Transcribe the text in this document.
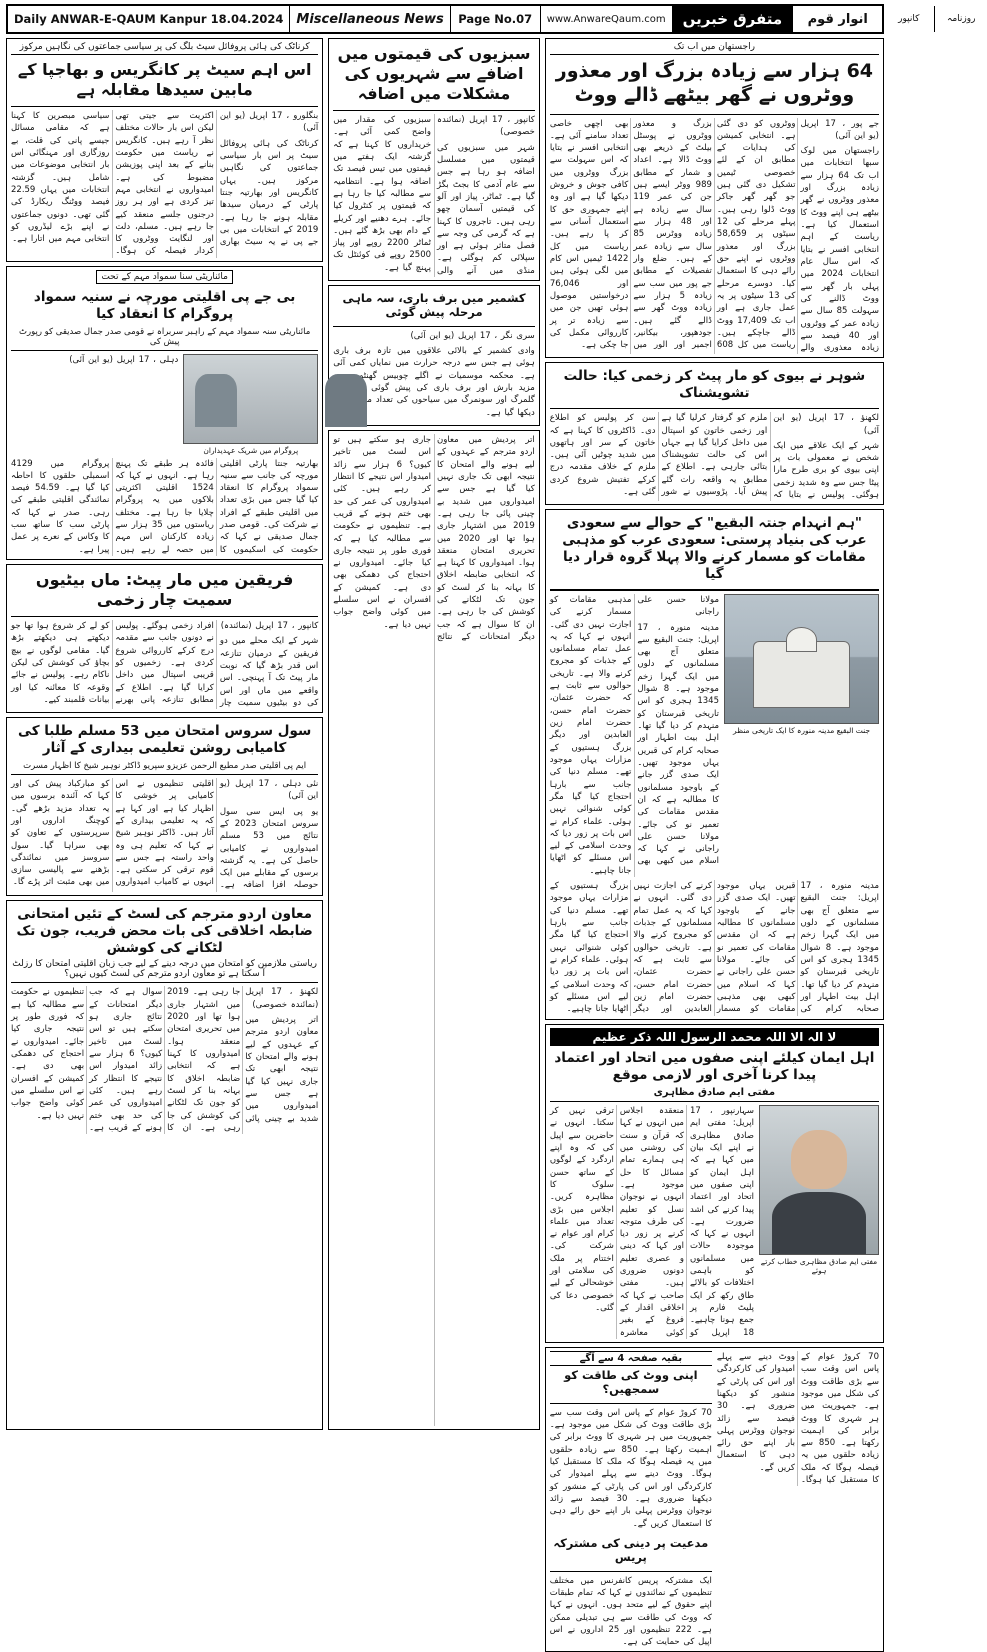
Daily ANWAR-E-QAUM Kanpur
18.04.2024	Miscellaneous News	Page No.07	www.AnwareQaum.com	متفرق خبریں	انوار قوم	کانپور	روزنامہ
راجستھان میں اب تک
64 ہزار سے زیادہ بزرگ اور معذور ووٹروں نے گھر بیٹھے ڈالے ووٹ

جے پور ، 17 اپریل (یو این آئی)

راجستھان میں لوک سبھا انتخابات میں اب تک 64 ہزار سے زیادہ بزرگ اور معذور ووٹروں نے گھر بیٹھے ہی اپنے ووٹ کا استعمال کیا ہے۔ ریاست کے اہم انتخابی افسر نے بتایا کہ اس سال عام انتخابات 2024 میں پہلی بار گھر سے ووٹ ڈالنے کی سہولت 85 سال سے زیادہ عمر کے ووٹروں اور 40 فیصد سے زیادہ معذوری والے ووٹروں کو دی گئی ہے۔ انتخابی کمیشن کی ہدایات کے مطابق ان کے لئے خصوصی ٹیمیں تشکیل دی گئی ہیں جو گھر گھر جاکر ووٹ ڈلوا رہی ہیں۔ پہلے مرحلے کی 12 سیٹوں پر 58,659 بزرگ اور معذور ووٹروں نے اپنے حق رائے دہی کا استعمال کیا۔ دوسرے مرحلے کی 13 سیٹوں پر یہ عمل جاری ہے اور اب تک 17,409 ووٹ ڈالے جاچکے ہیں۔ ریاست میں کل 608 بزرگ و معذور ووٹروں نے پوسٹل بیلٹ کے ذریعے بھی ووٹ ڈالا ہے۔ اعداد و شمار کے مطابق 989 ووٹر ایسے ہیں جن کی عمر 119 سال سے زیادہ ہے اور 48 ہزار سے زیادہ ووٹرس 85 سال سے زیادہ عمر کے ہیں۔ ضلع وار تفصیلات کے مطابق جے پور میں سب سے زیادہ 5 ہزار سے زیادہ ووٹ گھر سے ڈالے گئے ہیں۔ جودھپور، بیکانیر، اجمیر اور الور میں بھی اچھی خاصی تعداد سامنے آئی ہے۔ انتخابی افسر نے بتایا کہ اس سہولت سے بزرگ ووٹروں میں کافی جوش و خروش دیکھا گیا ہے اور وہ اپنے جمہوری حق کا استعمال آسانی سے کر پا رہے ہیں۔ ریاست میں کل 1422 ٹیمیں اس کام میں لگی ہوئی ہیں اور 76,046 درخواستیں موصول ہوئی تھیں جن میں سے زیادہ تر پر کارروائی مکمل کی جا چکی ہے۔

شوہر نے بیوی کو مار پیٹ کر زخمی کیا: حالت تشویشناک

لکھنؤ ، 17 اپریل (یو این آئی)

شہر کے ایک علاقے میں ایک شخص نے معمولی بات پر اپنی بیوی کو بری طرح مارا پیٹا جس سے وہ شدید زخمی ہوگئی۔ پولیس نے بتایا کہ ملزم کو گرفتار کرلیا گیا ہے اور زخمی خاتون کو اسپتال میں داخل کرایا گیا ہے جہاں اس کی حالت تشویشناک بتائی جارہی ہے۔ اطلاع کے مطابق یہ واقعہ رات گئے پیش آیا۔ پڑوسیوں نے شور سن کر پولیس کو اطلاع دی۔ ڈاکٹروں کا کہنا ہے کہ خاتون کے سر اور ہاتھوں میں شدید چوٹیں آئی ہیں۔ ملزم کے خلاف مقدمہ درج کرکے تفتیش شروع کردی گئی ہے۔

"ہم انہدام جنتہ البقیع" کے حوالے سے سعودی عرب کی بنیاد پرستی: سعودی عرب کو مذہبی مقامات کو مسمار کرنے والا پہلا گروہ قرار دیا گیا
جنت البقیع مدینہ منورہ کا ایک تاریخی منظر

مولانا حسن علی راجانی

مدینہ منورہ ، 17 اپریل: جنت البقیع سے متعلق آج بھی مسلمانوں کے دلوں میں ایک گہرا زخم موجود ہے۔ 8 شوال 1345 ہجری کو اس تاریخی قبرستان کو منہدم کر دیا گیا تھا۔ اہل بیت اطہار اور صحابہ کرام کی قبریں یہاں موجود تھیں۔ ایک صدی گزر جانے کے باوجود مسلمانوں کا مطالبہ ہے کہ ان مقدس مقامات کی تعمیر نو کی جائے۔ مولانا حسن علی راجانی نے کہا کہ اسلام میں کبھی بھی مذہبی مقامات کو مسمار کرنے کی اجازت نہیں دی گئی۔ انہوں نے کہا کہ یہ عمل تمام مسلمانوں کے جذبات کو مجروح کرنے والا ہے۔ تاریخی حوالوں سے ثابت ہے کہ حضرت عثمان، حضرت امام حسن، حضرت امام زین العابدین اور دیگر بزرگ ہستیوں کے مزارات یہاں موجود تھے۔ مسلم دنیا کی جانب سے بارہا احتجاج کیا گیا مگر کوئی شنوائی نہیں ہوئی۔ علماء کرام نے اس بات پر زور دیا کہ وحدت اسلامی کے لیے اس مسئلے کو اٹھایا جانا چاہیے۔

مدینہ منورہ ، 17 اپریل: جنت البقیع سے متعلق آج بھی مسلمانوں کے دلوں میں ایک گہرا زخم موجود ہے۔ 8 شوال 1345 ہجری کو اس تاریخی قبرستان کو منہدم کر دیا گیا تھا۔ اہل بیت اطہار اور صحابہ کرام کی قبریں یہاں موجود تھیں۔ ایک صدی گزر جانے کے باوجود مسلمانوں کا مطالبہ ہے کہ ان مقدس مقامات کی تعمیر نو کی جائے۔ مولانا حسن علی راجانی نے کہا کہ اسلام میں کبھی بھی مذہبی مقامات کو مسمار کرنے کی اجازت نہیں دی گئی۔ انہوں نے کہا کہ یہ عمل تمام مسلمانوں کے جذبات کو مجروح کرنے والا ہے۔ تاریخی حوالوں سے ثابت ہے کہ حضرت عثمان، حضرت امام حسن، حضرت امام زین العابدین اور دیگر بزرگ ہستیوں کے مزارات یہاں موجود تھے۔ مسلم دنیا کی جانب سے بارہا احتجاج کیا گیا مگر کوئی شنوائی نہیں ہوئی۔ علماء کرام نے اس بات پر زور دیا کہ وحدت اسلامی کے لیے اس مسئلے کو اٹھایا جانا چاہیے۔

لا الہ الا اللہ محمد الرسول اللہ ذکر عظیم
اہل ایمان کیلئے اپنی صفوں میں اتحاد اور اعتماد پیدا کرنا آخری اور لازمی موقع
مفتی ایم صادق مظاہری
مفتی ایم صادق مظاہری خطاب کرتے ہوئے

سہارنپور ، 17 اپریل: مفتی ایم صادق مظاہری نے اپنے ایک بیان میں کہا ہے کہ اہل ایمان کو اپنی صفوں میں اتحاد اور اعتماد پیدا کرنے کی اشد ضرورت ہے۔ انہوں نے کہا کہ موجودہ حالات میں مسلمانوں کو باہمی اختلافات کو بالائے طاق رکھ کر ایک پلیٹ فارم پر جمع ہونا چاہیے۔ 18 اپریل کو منعقدہ اجلاس میں انہوں نے کہا کہ قرآن و سنت کی روشنی میں ہی ہمارے تمام مسائل کا حل موجود ہے۔ انہوں نے نوجوان نسل کو تعلیم کی طرف متوجہ کرنے پر زور دیا اور کہا کہ دینی و عصری تعلیم دونوں ضروری ہیں۔ مفتی صاحب نے کہا کہ اخلاقی اقدار کے فروغ کے بغیر کوئی معاشرہ ترقی نہیں کر سکتا۔ انہوں نے حاضرین سے اپیل کی کہ وہ اپنے اردگرد کے لوگوں کے ساتھ حسن سلوک کا مظاہرہ کریں۔ اجلاس میں بڑی تعداد میں علماء کرام اور عوام نے شرکت کی۔ اختتام پر ملک کی سلامتی اور خوشحالی کے لیے خصوصی دعا کی گئی۔

70 کروڑ عوام کے پاس اس وقت سب سے بڑی طاقت ووٹ کی شکل میں موجود ہے۔ جمہوریت میں ہر شہری کا ووٹ برابر کی اہمیت رکھتا ہے۔ 850 سے زیادہ حلقوں میں یہ فیصلہ ہوگا کہ ملک کا مستقبل کیا ہوگا۔ ووٹ دینے سے پہلے امیدوار کی کارکردگی اور اس کی پارٹی کے منشور کو دیکھنا ضروری ہے۔ 30 فیصد سے زائد نوجوان ووٹرس پہلی بار اپنے حق رائے دہی کا استعمال کریں گے۔
بقیہ صفحہ 4 سے آگے
اپنی ووٹ کی طاقت کو سمجھیں؟
70 کروڑ عوام کے پاس اس وقت سب سے بڑی طاقت ووٹ کی شکل میں موجود ہے۔ جمہوریت میں ہر شہری کا ووٹ برابر کی اہمیت رکھتا ہے۔ 850 سے زیادہ حلقوں میں یہ فیصلہ ہوگا کہ ملک کا مستقبل کیا ہوگا۔ ووٹ دینے سے پہلے امیدوار کی کارکردگی اور اس کی پارٹی کے منشور کو دیکھنا ضروری ہے۔ 30 فیصد سے زائد نوجوان ووٹرس پہلی بار اپنے حق رائے دہی کا استعمال کریں گے۔
مدعیت پر دینی کی مشترکہ پریس
ایک مشترکہ پریس کانفرنس میں مختلف تنظیموں کے نمائندوں نے کہا کہ تمام طبقات اپنے حقوق کے لیے متحد ہوں۔ انہوں نے کہا کہ ووٹ کی طاقت سے ہی تبدیلی ممکن ہے۔ 222 تنظیموں اور 25 اداروں نے اس اپیل کی حمایت کی ہے۔
سبزیوں کی قیمتوں میں اضافے سے شہریوں کی مشکلات میں اضافہ

کانپور ، 17 اپریل (نمائندہ خصوصی)

شہر میں سبزیوں کی قیمتوں میں مسلسل اضافہ ہو رہا ہے جس سے عام آدمی کا بجٹ بگڑ گیا ہے۔ ٹماٹر، پیاز اور آلو کی قیمتیں آسمان چھو رہی ہیں۔ تاجروں کا کہنا ہے کہ گرمی کی وجہ سے فصل متاثر ہوئی ہے اور سپلائی کم ہوگئی ہے۔ منڈی میں آنے والی سبزیوں کی مقدار میں واضح کمی آئی ہے۔ خریداروں کا کہنا ہے کہ گزشتہ ایک ہفتے میں قیمتوں میں تیس فیصد تک اضافہ ہوا ہے۔ انتظامیہ سے مطالبہ کیا جا رہا ہے کہ قیمتوں پر کنٹرول کیا جائے۔ ہرے دھنیے اور کریلے کے دام بھی بڑھ گئے ہیں۔ ٹماٹر 2200 روپے اور پیاز 2500 روپے فی کوئنٹل تک پہنچ گیا ہے۔

کشمیر میں برف باری، سہ ماہی مرحلہ پیش گوئی

سری نگر ، 17 اپریل (یو این آئی)

وادی کشمیر کے بالائی علاقوں میں تازہ برف باری ہوئی ہے جس سے درجہ حرارت میں نمایاں کمی آئی ہے۔ محکمہ موسمیات نے اگلے چوبیس گھنٹوں میں مزید بارش اور برف باری کی پیش گوئی کی ہے۔ گلمرگ اور سونمرگ میں سیاحوں کی تعداد میں اضافہ دیکھا گیا ہے۔

اتر پردیش میں معاون اردو مترجم کے عہدوں کے لیے ہونے والے امتحان کا نتیجہ ابھی تک جاری نہیں کیا گیا ہے جس سے امیدواروں میں شدید بے چینی پائی جا رہی ہے۔ 2019 میں اشتہار جاری ہوا تھا اور 2020 میں تحریری امتحان منعقد ہوا۔ امیدواروں کا کہنا ہے کہ انتخابی ضابطہ اخلاق کا بہانہ بنا کر لسٹ کو جون تک لٹکانے کی کوشش کی جا رہی ہے۔ ان کا سوال ہے کہ جب دیگر امتحانات کے نتائج جاری ہو سکتے ہیں تو اس لسٹ میں تاخیر کیوں؟ 6 ہزار سے زائد امیدوار اس نتیجے کا انتظار کر رہے ہیں۔ کئی امیدواروں کی عمر کی حد بھی ختم ہونے کے قریب ہے۔ تنظیموں نے حکومت سے مطالبہ کیا ہے کہ فوری طور پر نتیجہ جاری کیا جائے۔ امیدواروں نے احتجاج کی دھمکی بھی دی ہے۔ کمیشن کے افسران نے اس سلسلے میں کوئی واضح جواب نہیں دیا ہے۔
کرناٹک کی ہائی پروفائل سیٹ بلگ کی پر سیاسی جماعتوں کی نگاہیں مرکوز
اس اہم سیٹ پر کانگریس و بھاجپا کے مابین سیدھا مقابلہ ہے

بنگلورو ، 17 اپریل (یو این آئی)

کرناٹک کی ہائی پروفائل سیٹ پر اس بار سیاسی جماعتوں کی نگاہیں مرکوز ہیں۔ یہاں کانگریس اور بھارتیہ جنتا پارٹی کے درمیان سیدھا مقابلہ ہونے جا رہا ہے۔ 2019 کے انتخابات میں بی جے پی نے یہ سیٹ بھاری اکثریت سے جیتی تھی لیکن اس بار حالات مختلف نظر آ رہے ہیں۔ کانگریس نے ریاست میں حکومت بنانے کے بعد اپنی پوزیشن مضبوط کی ہے۔ امیدواروں نے انتخابی مہم تیز کردی ہے اور ہر روز درجنوں جلسے منعقد کیے جا رہے ہیں۔ مسلم، دلت اور لنگایت ووٹروں کا کردار فیصلہ کن ہوگا۔ سیاسی مبصرین کا کہنا ہے کہ مقامی مسائل جیسے پانی کی قلت، بے روزگاری اور مہنگائی اس بار انتخابی موضوعات میں شامل ہیں۔ گزشتہ انتخابات میں یہاں 22.59 فیصد ووٹنگ ریکارڈ کی گئی تھی۔ دونوں جماعتوں نے اپنے بڑے لیڈروں کو انتخابی مہم میں اتارا ہے۔

مائناریٹی سنا سمواد مہم کے تحت
بی جے پی اقلیتی مورچہ نے سنیہ سمواد پروگرام کا انعقاد کیا
مائناریٹی سنہ سمواد مہم کے راہبر سربراہ نے قومی صدر جمال صدیقی کو رپورٹ پیش کی
پروگرام میں شریک عہدیداران

دہلی ، 17 اپریل (یو این آئی)

بھارتیہ جنتا پارٹی اقلیتی مورچہ کی جانب سے سنیہ سمواد پروگرام کا انعقاد کیا گیا جس میں بڑی تعداد میں اقلیتی طبقے کے افراد نے شرکت کی۔ قومی صدر جمال صدیقی نے کہا کہ حکومت کی اسکیموں کا فائدہ ہر طبقے تک پہنچ رہا ہے۔ انہوں نے کہا کہ 1524 اقلیتی اکثریتی بلاکوں میں یہ پروگرام چلایا جا رہا ہے۔ مختلف ریاستوں میں 35 ہزار سے زیادہ کارکنان اس مہم میں حصہ لے رہے ہیں۔ پروگرام میں 4129 اسمبلی حلقوں کا احاطہ کیا گیا ہے۔ 54.59 فیصد نمائندگی اقلیتی طبقے کی رہی۔ صدر نے کہا کہ پارٹی سب کا ساتھ سب کا وکاس کے نعرے پر عمل پیرا ہے۔
فریقین میں مار پیٹ: ماں بیٹیوں سمیت چار زخمی

کانپور ، 17 اپریل (نمائندہ)

شہر کے ایک محلے میں دو فریقین کے درمیان تنازعہ اس قدر بڑھ گیا کہ نوبت مار پیٹ تک آ پہنچی۔ اس واقعے میں ماں اور اس کی دو بیٹیوں سمیت چار افراد زخمی ہوگئے۔ پولیس نے دونوں جانب سے مقدمہ درج کرکے کارروائی شروع کردی ہے۔ زخمیوں کو قریبی اسپتال میں داخل کرایا گیا ہے۔ اطلاع کے مطابق تنازعہ پانی بھرنے کو لے کر شروع ہوا تھا جو دیکھتے ہی دیکھتے بڑھ گیا۔ مقامی لوگوں نے بیچ بچاؤ کی کوشش کی لیکن ناکام رہے۔ پولیس نے جائے وقوعہ کا معائنہ کیا اور بیانات قلمبند کیے۔

سول سروس امتحان میں 53 مسلم طلبا کی کامیابی روشن تعلیمی بیداری کے آثار
ایم پی اقلیتی صدر مطیع الرحمن عزیزو سپریو ڈاکٹر نوہیر شیخ کا اظہار مسرت

نئی دہلی ، 17 اپریل (یو این آئی)

یو پی ایس سی سول سروس امتحان 2023 کے نتائج میں 53 مسلم امیدواروں نے کامیابی حاصل کی ہے۔ یہ گزشتہ برسوں کے مقابلے میں ایک حوصلہ افزا اضافہ ہے۔ اقلیتی تنظیموں نے اس کامیابی پر خوشی کا اظہار کیا ہے اور کہا ہے کہ یہ تعلیمی بیداری کے آثار ہیں۔ ڈاکٹر نوہیر شیخ نے کہا کہ تعلیم ہی وہ واحد راستہ ہے جس سے قوم ترقی کر سکتی ہے۔ انہوں نے کامیاب امیدواروں کو مبارکباد پیش کی اور کہا کہ آئندہ برسوں میں یہ تعداد مزید بڑھے گی۔ کوچنگ اداروں اور سرپرستوں کے تعاون کو بھی سراہا گیا۔ سول سروسز میں نمائندگی بڑھنے سے پالیسی سازی میں بھی مثبت اثر پڑے گا۔

معاون اردو مترجم کی لسٹ کے تئیں امتحانی ضابطہ اخلاقی کی بات محض فریب، جون تک لٹکانے کی کوشش
ریاستی ملازمین کو امتحان میں درجہ دینے کے لیے جب زبان اقلیتی امتحان کا رزلٹ آ سکتا ہے تو معاون اردو مترجم کی لسٹ کیوں نہیں؟

لکھنؤ ، 17 اپریل (نمائندہ خصوصی)

اتر پردیش میں معاون اردو مترجم کے عہدوں کے لیے ہونے والے امتحان کا نتیجہ ابھی تک جاری نہیں کیا گیا ہے جس سے امیدواروں میں شدید بے چینی پائی جا رہی ہے۔ 2019 میں اشتہار جاری ہوا تھا اور 2020 میں تحریری امتحان منعقد ہوا۔ امیدواروں کا کہنا ہے کہ انتخابی ضابطہ اخلاق کا بہانہ بنا کر لسٹ کو جون تک لٹکانے کی کوشش کی جا رہی ہے۔ ان کا سوال ہے کہ جب دیگر امتحانات کے نتائج جاری ہو سکتے ہیں تو اس لسٹ میں تاخیر کیوں؟ 6 ہزار سے زائد امیدوار اس نتیجے کا انتظار کر رہے ہیں۔ کئی امیدواروں کی عمر کی حد بھی ختم ہونے کے قریب ہے۔ تنظیموں نے حکومت سے مطالبہ کیا ہے کہ فوری طور پر نتیجہ جاری کیا جائے۔ امیدواروں نے احتجاج کی دھمکی بھی دی ہے۔ کمیشن کے افسران نے اس سلسلے میں کوئی واضح جواب نہیں دیا ہے۔
